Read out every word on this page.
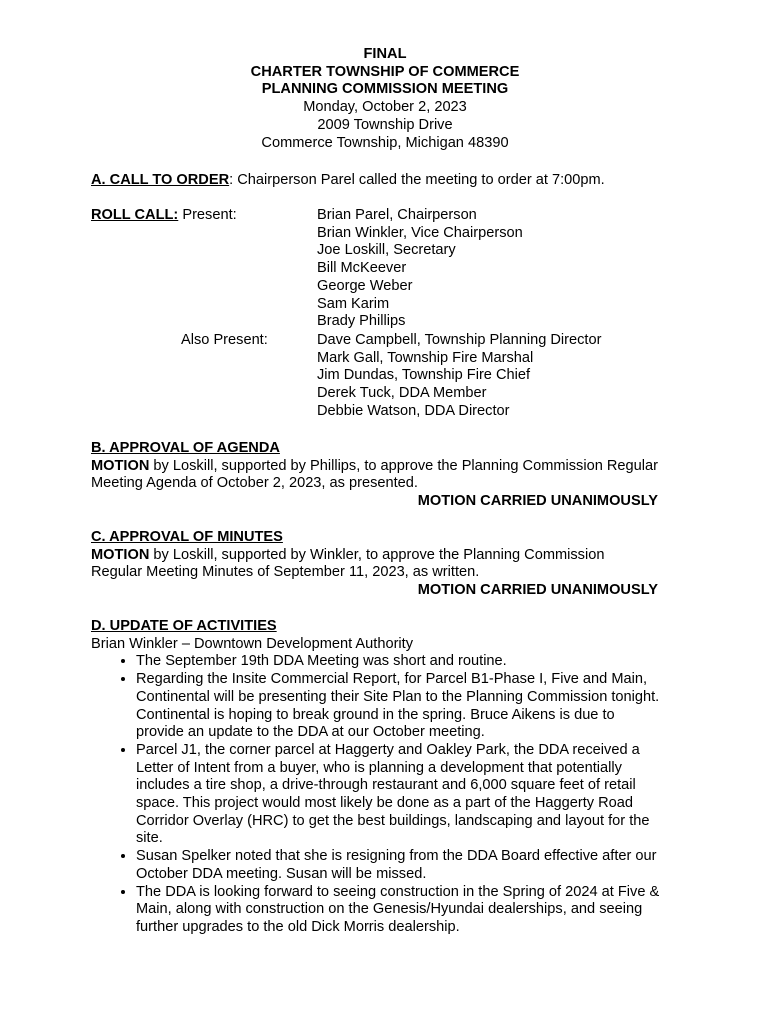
FINAL
CHARTER TOWNSHIP OF COMMERCE
PLANNING COMMISSION MEETING
Monday, October 2, 2023
2009 Township Drive
Commerce Township, Michigan 48390
A. CALL TO ORDER: Chairperson Parel called the meeting to order at 7:00pm.
ROLL CALL: Present:
Also Present:
Brian Parel, Chairperson
Brian Winkler, Vice Chairperson
Joe Loskill, Secretary
Bill McKeever
George Weber
Sam Karim
Brady Phillips
Dave Campbell, Township Planning Director
Mark Gall, Township Fire Marshal
Jim Dundas, Township Fire Chief
Derek Tuck, DDA Member
Debbie Watson, DDA Director
B. APPROVAL OF AGENDA
MOTION by Loskill, supported by Phillips, to approve the Planning Commission Regular
Meeting Agenda of October 2, 2023, as presented.
MOTION CARRIED UNANIMOUSLY
C. APPROVAL OF MINUTES
MOTION by Loskill, supported by Winkler, to approve the Planning Commission
Regular Meeting Minutes of September 11, 2023, as written.
MOTION CARRIED UNANIMOUSLY
D. UPDATE OF ACTIVITIES
Brian Winkler – Downtown Development Authority
• The September 19th DDA Meeting was short and routine.
• Regarding the Insite Commercial Report, for Parcel B1-Phase I, Five and Main,
Continental will be presenting their Site Plan to the Planning Commission tonight.
Continental is hoping to break ground in the spring. Bruce Aikens is due to
provide an update to the DDA at our October meeting.
• Parcel J1, the corner parcel at Haggerty and Oakley Park, the DDA received a
Letter of Intent from a buyer, who is planning a development that potentially
includes a tire shop, a drive-through restaurant and 6,000 square feet of retail
space. This project would most likely be done as a part of the Haggerty Road
Corridor Overlay (HRC) to get the best buildings, landscaping and layout for the
site.
• Susan Spelker noted that she is resigning from the DDA Board effective after our
October DDA meeting. Susan will be missed.
• The DDA is looking forward to seeing construction in the Spring of 2024 at Five &
Main, along with construction on the Genesis/Hyundai dealerships, and seeing
further upgrades to the old Dick Morris dealership.
